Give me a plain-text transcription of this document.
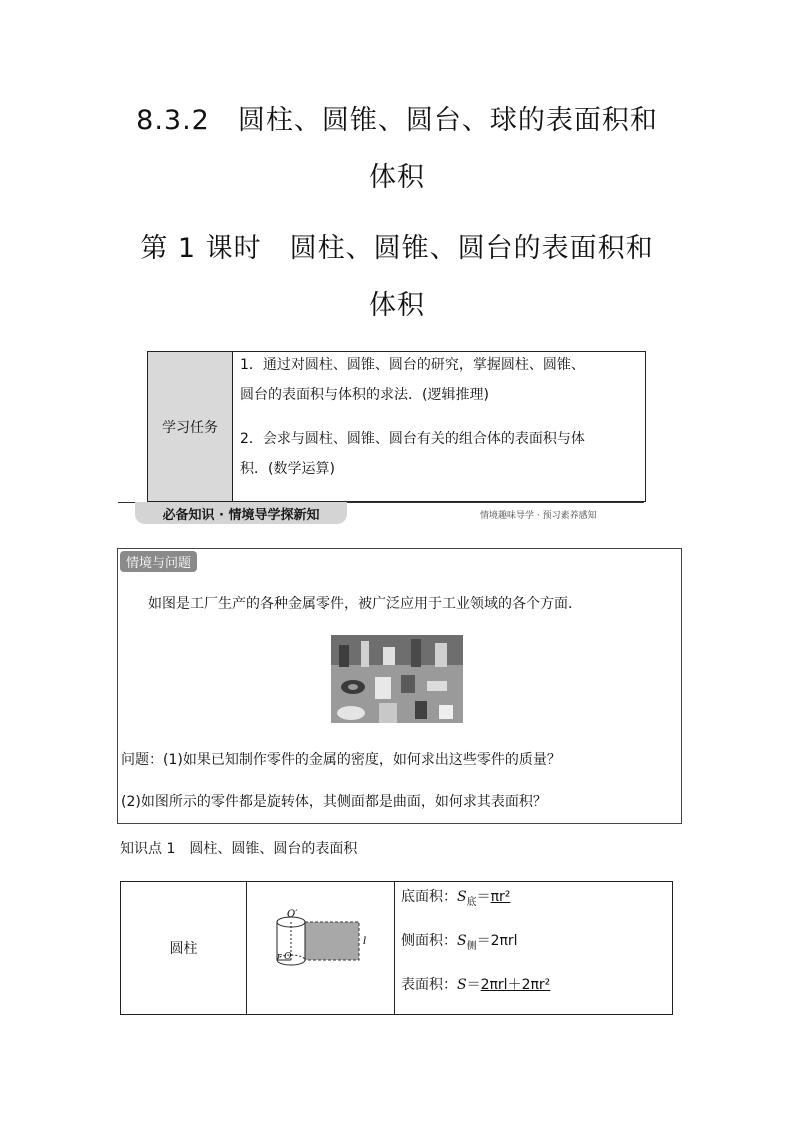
8.3.2　圆柱、圆锥、圆台、球的表面积和
体积
第 1 课时　圆柱、圆锥、圆台的表面积和
体积
学习任务
1．通过对圆柱、圆锥、圆台的研究，掌握圆柱、圆锥、
圆台的表面积与体积的求法．(逻辑推理)
2．会求与圆柱、圆锥、圆台有关的组合体的表面积与体
积．(数学运算)
必备知识 · 情境导学探新知	情境趣味导学 · 预习素养感知
情境与问题
如图是工厂生产的各种金属零件，被广泛应用于工业领域的各个方面．
问题：(1)如果已知制作零件的金属的密度，如何求出这些零件的质量？
(2)如图所示的零件都是旋转体，其侧面都是曲面，如何求其表面积？
知识点 1　圆柱、圆锥、圆台的表面积
圆柱
O′
r O
l
底面积：$S_底=\pi r^2$
侧面积：$S_侧=2\pi rl$
表面积：S＝2πrl＋2πr²
